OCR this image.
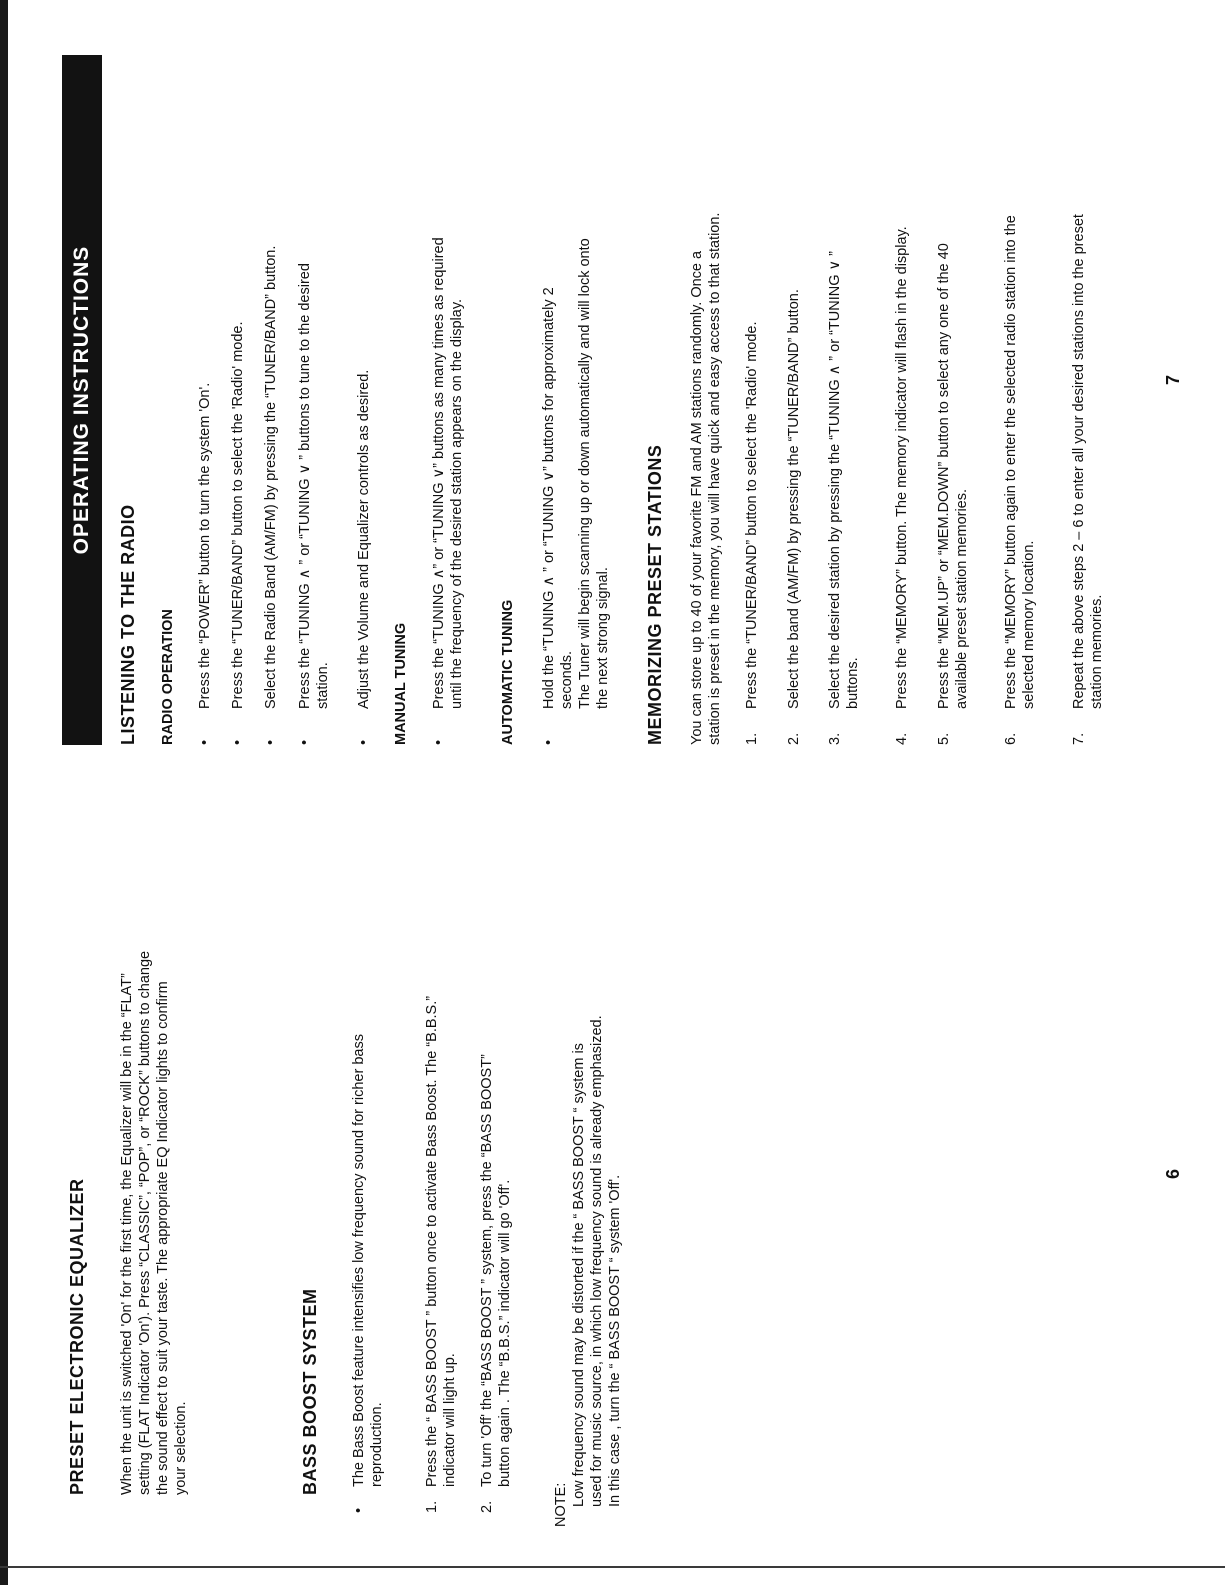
PRESET ELECTRONIC EQUALIZER When the unit is switched 'On' for the first time, the Equalizer will be in the “FLAT” setting (FLAT Indicator 'On'). Press “CLASSIC”, “POP”, or “ROCK” buttons to change the sound effect to suit your taste. The appropriate EQ Indicator lights to confirm your selection.	BASS BOOST SYSTEM
•
The Bass Boost feature intensifies low frequency sound for richer bass reproduction.
1.
Press the “ BASS BOOST ” button once to activate Bass Boost. The “B.B.S.” indicator will light up.
2.
To turn 'Off' the “BASS BOOST ” system, press the “BASS BOOST” button again . The “B.B.S.” indicator will go 'Off'.
NOTE: Low frequency sound may be distorted if the “ BASS BOOST “ system is used for music source, in which low frequency sound is already emphasized. In this case , turn the “ BASS BOOST “ system 'Off'.
6
OPERATING INSTRUCTIONS
LISTENING TO THE RADIO RADIO OPERATION •
Press the “POWER” button to turn the system 'On'.
•
Press the “TUNER/BAND” button to select the 'Radio' mode.
•
Select the Radio Band (AM/FM) by pressing the “TUNER/BAND” button.
•
Press the “TUNING ∧ ” or “TUNING ∨ ” buttons to tune to the desired station.
•
Adjust the Volume and Equalizer controls as desired. MANUAL TUNING •
Press the “TUNING ∧” or “TUNING ∨” buttons as many times as required until the frequency of the desired station appears on the display. AUTOMATIC TUNING •
Hold the “TUNING ∧ ” or “TUNING ∨” buttons for approximately 2 seconds. The Tuner will begin scanning up or down automatically and will lock onto the next strong signal. MEMORIZING PRESET STATIONS You can store up to 40 of your favorite FM and AM stations randomly. Once a station is preset in the memory, you will have quick and easy access to that station. 1.
Press the “TUNER/BAND” button to select the 'Radio' mode.
2.
Select the band (AM/FM) by pressing the “TUNER/BAND” button.
3.
Select the desired station by pressing the “TUNING ∧ ” or “TUNING ∨ ” buttons.
4.
Press the “MEMORY” button. The memory indicator will flash in the display.
5.
Press the “MEM.UP” or “MEM.DOWN” button to select any one of the 40 available preset station memories.
6.
Press the “MEMORY” button again to enter the selected radio station into the selected memory location.
7.
Repeat the above steps 2 – 6 to enter all your desired stations into the preset station memories.
7
